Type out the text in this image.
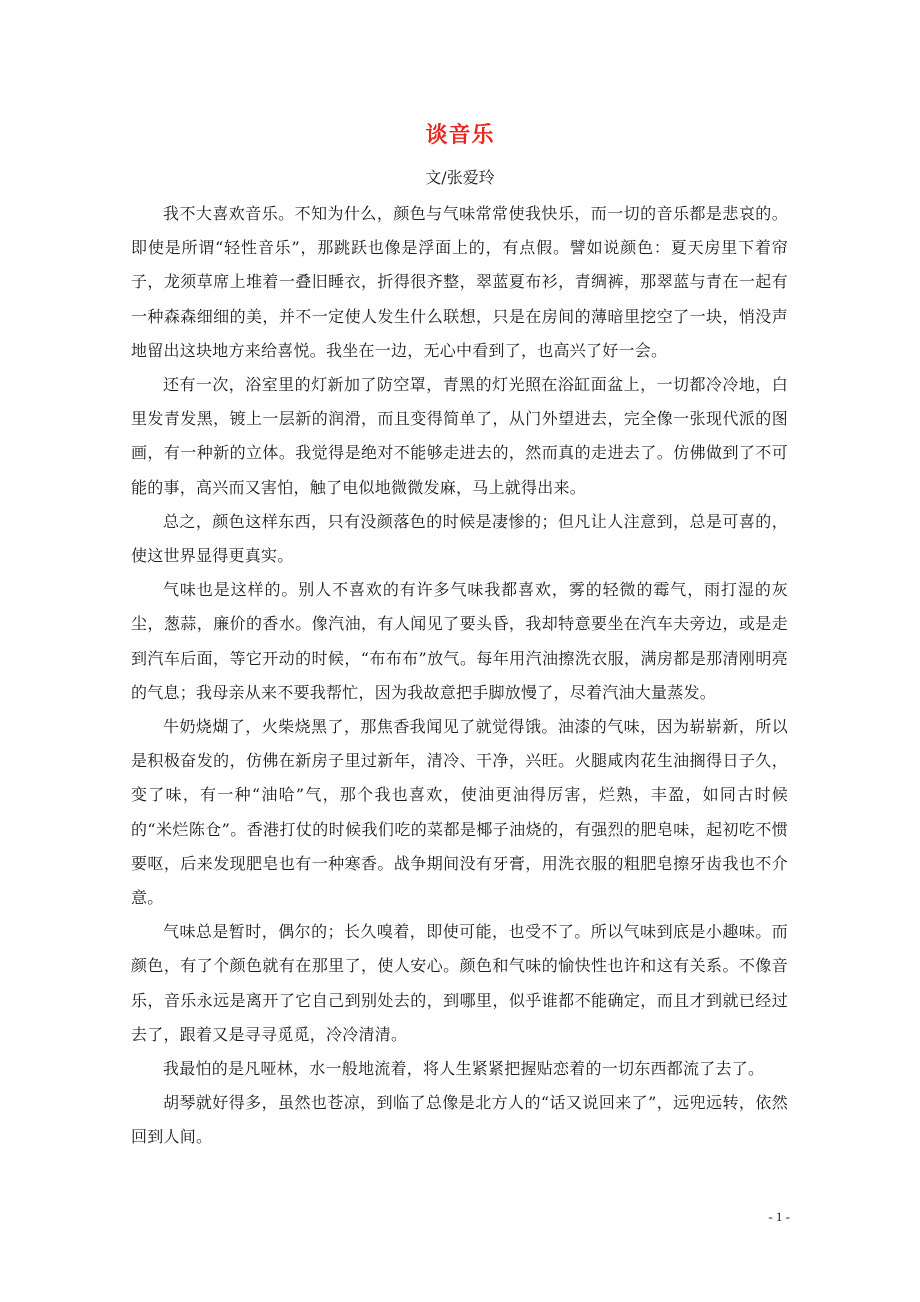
谈音乐
文/张爱玲

我不大喜欢音乐。不知为什么，颜色与气味常常使我快乐，而一切的音乐都是悲哀的。即使是所谓“轻性音乐”，那跳跃也像是浮面上的，有点假。譬如说颜色：夏天房里下着帘子，龙须草席上堆着一叠旧睡衣，折得很齐整，翠蓝夏布衫，青绸裤，那翠蓝与青在一起有一种森森细细的美，并不一定使人发生什么联想，只是在房间的薄暗里挖空了一块，悄没声地留出这块地方来给喜悦。我坐在一边，无心中看到了，也高兴了好一会。

还有一次，浴室里的灯新加了防空罩，青黑的灯光照在浴缸面盆上，一切都冷冷地，白里发青发黑，镀上一层新的润滑，而且变得简单了，从门外望进去，完全像一张现代派的图画，有一种新的立体。我觉得是绝对不能够走进去的，然而真的走进去了。仿佛做到了不可能的事，高兴而又害怕，触了电似地微微发麻，马上就得出来。

总之，颜色这样东西，只有没颜落色的时候是凄惨的；但凡让人注意到，总是可喜的，使这世界显得更真实。

气味也是这样的。别人不喜欢的有许多气味我都喜欢，雾的轻微的霉气，雨打湿的灰尘，葱蒜，廉价的香水。像汽油，有人闻见了要头昏，我却特意要坐在汽车夫旁边，或是走到汽车后面，等它开动的时候，“布布布”放气。每年用汽油擦洗衣服，满房都是那清刚明亮的气息；我母亲从来不要我帮忙，因为我故意把手脚放慢了，尽着汽油大量蒸发。

牛奶烧煳了，火柴烧黑了，那焦香我闻见了就觉得饿。油漆的气味，因为崭崭新，所以是积极奋发的，仿佛在新房子里过新年，清冷、干净，兴旺。火腿咸肉花生油搁得日子久，变了味，有一种“油哈”气，那个我也喜欢，使油更油得厉害，烂熟，丰盈，如同古时候的“米烂陈仓”。香港打仗的时候我们吃的菜都是椰子油烧的，有强烈的肥皂味，起初吃不惯要呕，后来发现肥皂也有一种寒香。战争期间没有牙膏，用洗衣服的粗肥皂擦牙齿我也不介意。

气味总是暂时，偶尔的；长久嗅着，即使可能，也受不了。所以气味到底是小趣味。而颜色，有了个颜色就有在那里了，使人安心。颜色和气味的愉快性也许和这有关系。不像音乐，音乐永远是离开了它自己到别处去的，到哪里，似乎谁都不能确定，而且才到就已经过去了，跟着又是寻寻觅觅，冷冷清清。

我最怕的是凡哑林，水一般地流着，将人生紧紧把握贴恋着的一切东西都流了去了。

胡琴就好得多，虽然也苍凉，到临了总像是北方人的“话又说回来了”，远兜远转，依然回到人间。

- 1 -
